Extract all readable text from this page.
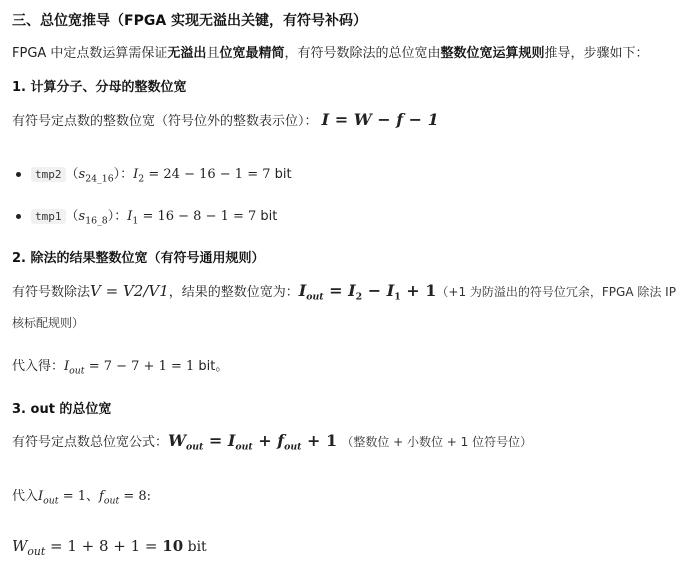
三、总位宽推导（FPGA 实现无溢出关键，有符号补码）
FPGA 中定点数运算需保证无溢出且位宽最精简，有符号数除法的总位宽由整数位宽运算规则推导，步骤如下：
1. 计算分子、分母的整数位宽
有符号定点数的整数位宽（符号位外的整数表示位）： I = W − f − 1
tmp2 $(s_{24\_16})$：$I_2 = 24 - 16 - 1 = 7$ bit
tmp1 $(s_{16\_8})$：$I_1 = 16 - 8 - 1 = 7$ bit
2. 除法的结果整数位宽（有符号通用规则）
有符号数除法V = V2/V1，结果的整数位宽为：$I_{out} = I_2 - I_1 + 1(+1$ 为防溢出的符号位冗余，FPGA 除法 IP 核标配规则）
代入得：$I_{out} = 7 - 7 + 1 = 1$ bit。
3. out 的总位宽
有符号定点数总位宽公式：$W_{out} = I_{out} + f_{out} + 1$ （整数位 + 小数位 + 1 位符号位）
代入$I_{out} = 1$、$f_{out} = 8$:
$W_{out} = 1 + 8 + 1 = 10$ bit
